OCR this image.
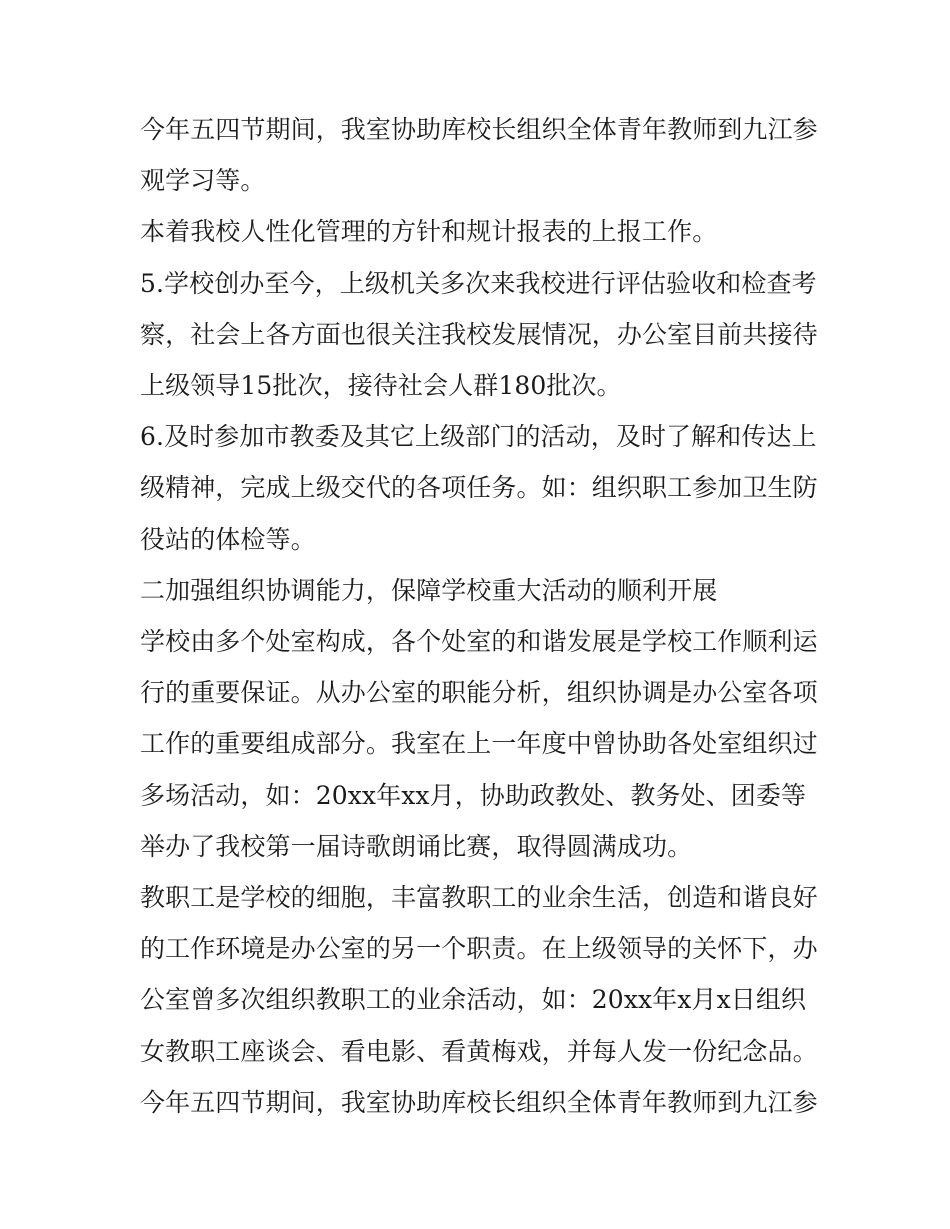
今年五四节期间，我室协助库校长组织全体青年教师到九江参

观学习等。

本着我校人性化管理的方针和规计报表的上报工作。

5.学校创办至今，上级机关多次来我校进行评估验收和检查考

察，社会上各方面也很关注我校发展情况，办公室目前共接待

上级领导15批次，接待社会人群180批次。

6.及时参加市教委及其它上级部门的活动，及时了解和传达上

级精神，完成上级交代的各项任务。如：组织职工参加卫生防

役站的体检等。

二加强组织协调能力，保障学校重大活动的顺利开展

学校由多个处室构成，各个处室的和谐发展是学校工作顺利运

行的重要保证。从办公室的职能分析，组织协调是办公室各项

工作的重要组成部分。我室在上一年度中曾协助各处室组织过

多场活动，如：20xx年xx月，协助政教处、教务处、团委等

举办了我校第一届诗歌朗诵比赛，取得圆满成功。

教职工是学校的细胞，丰富教职工的业余生活，创造和谐良好

的工作环境是办公室的另一个职责。在上级领导的关怀下，办

公室曾多次组织教职工的业余活动，如：20xx年x月x日组织

女教职工座谈会、看电影、看黄梅戏，并每人发一份纪念品。

今年五四节期间，我室协助库校长组织全体青年教师到九江参
